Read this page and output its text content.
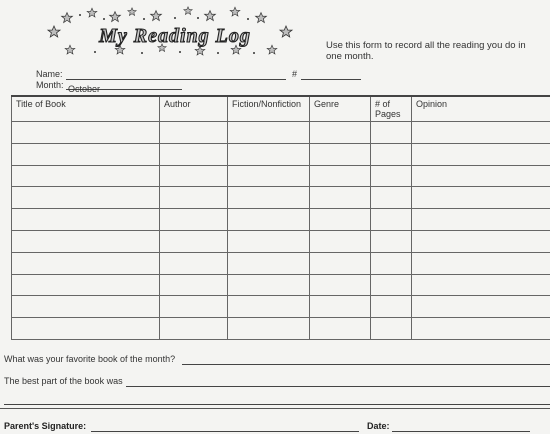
My Reading Log	Use this form to record all the reading you do in one month.
Name:	#
Month: October
Title of Book	Author	Fiction/Nonfiction	Genre	# of Pages	Opinion

What was your favorite book of the month?
The best part of the book was
Parent's Signature:	Date:
